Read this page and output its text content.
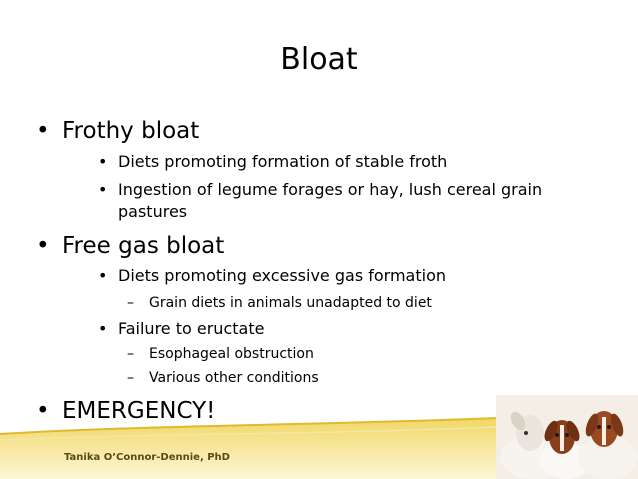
Bloat
• Frothy bloat
• Diets promoting formation of stable froth
• Ingestion of legume forages or hay, lush cereal grain
pastures
• Free gas bloat
• Diets promoting excessive gas formation
– Grain diets in animals unadapted to diet
• Failure to eructate
– Esophageal obstruction
– Various other conditions
• EMERGENCY!
Tanika O’Connor-Dennie, PhD
